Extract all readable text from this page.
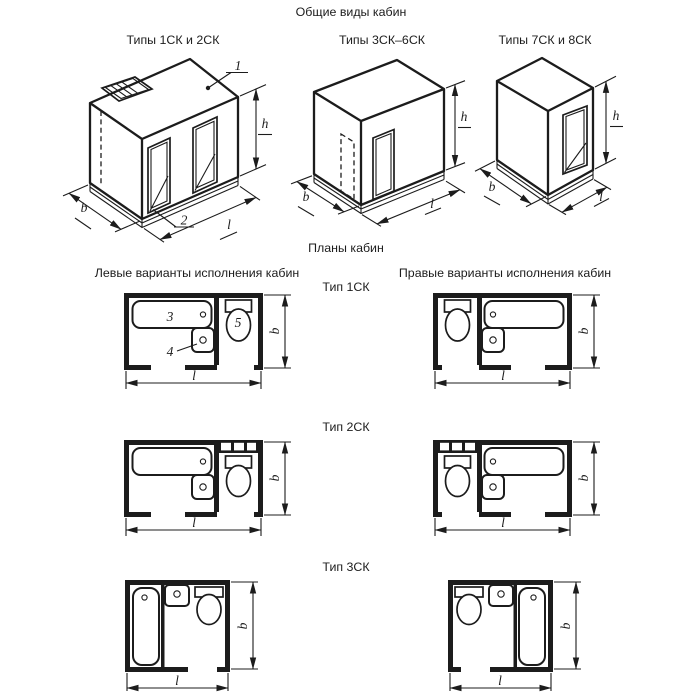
Общие виды кабин
Типы 1СК и 2СК	Типы 3СК–6СК	Типы 7СК и 8СК
h
b
l
1
2
h
b	l
h
b
l
Планы кабин
Левые варианты исполнения кабин	Правые варианты исполнения кабин
Тип 1СК
b
l
3
4
5
b
l
Тип 2СК
b
l
b
l
Тип 3СК
b
l
b
l
